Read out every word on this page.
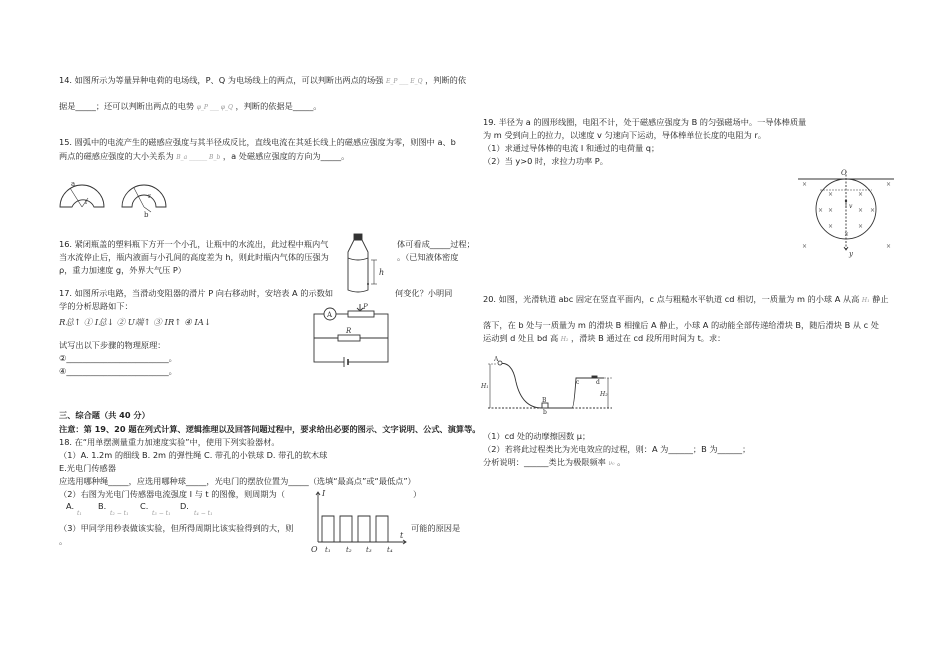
14. 如图所示为等量异种电荷的电场线，P、Q 为电场线上的两点，可以判断出两点的场强 E_P ___ E_Q ，判断的依
据是_____；还可以判断出两点的电势 φ_P ___ φ_Q ，判断的依据是_____。
15. 圆弧中的电流产生的磁感应强度与其半径成反比，直线电流在其延长线上的磁感应强度为零，则图中 a、b
两点的磁感应强度的大小关系为 B_a ______ B_b ，a 处磁感应强度的方向为_____。
a
r
b
r
16. 紧闭瓶盖的塑料瓶下方开一个小孔，让瓶中的水流出，此过程中瓶内气	体可看成_____过程；
当水流停止后，瓶内液面与小孔间的高度差为 h，则此时瓶内气体的压强为	。（已知液体密度
ρ，重力加速度 g，外界大气压 P）	h
17. 如图所示电路，当滑动变阻器的滑片 P 向右移动时，安培表 A 的示数如	何变化？小明同
学的分析思路如下：
R总↑ ① I总↓ ② U端↑ ③ IR↑ ④ IA↓
试写出以下步骤的物理原理：
②_________________________。
④_________________________。
A
P
R
三、综合题（共 40 分）
注意：第 19、20 题在列式计算、逻辑推理以及回答问题过程中，要求给出必要的图示、文字说明、公式、演算等。
18. 在“用单摆测量重力加速度实验”中，使用下列实验器材。
（1）A. 1.2m 的细线 B. 2m 的弹性绳 C. 带孔的小铁球 D. 带孔的软木球
E.光电门传感器
应选用哪种绳_____，应选用哪种球_____，光电门的摆放位置为_____（选填“最高点”或“最低点”）
（2）右图为光电门传感器电流强度 I 与 t 的图像，则周期为（	）
A.
t₁
B.
t₂ − t₁
C.
t₃ − t₁
D.
t₄ − t₁
（3）甲同学用秒表做该实验，但所得周期比该实验得到的大，则	可能的原因是
。
I
O
t
t₁ t₂ t₃ t₄
19. 半径为 a 的圆形线圈，电阻不计，处于磁感应强度为 B 的匀强磁场中。一导体棒质量
为 m 受到向上的拉力，以速度 v 匀速向下运动，导体棒单位长度的电阻为 r。
（1）求通过导体棒的电流 I 和通过的电荷量 q；
（2）当 y>0 时，求拉力功率 P。
O
y
v
×	×
×	×
×	×
×
×	×
×	×
×	×
20. 如图，光滑轨道 abc 固定在竖直平面内，c 点与粗糙水平轨道 cd 相切，一质量为 m 的小球 A 从高 H₁ 静止
落下，在 b 处与一质量为 m 的滑块 B 相撞后 A 静止，小球 A 的动能全部传递给滑块 B，随后滑块 B 从 c 处
运动到 d 处且 bd 高 H₂ ，滑块 B 通过在 cd 段所用时间为 t。求：
A
B
b
c	d
H₁
H₂
（1）cd 处的动摩擦因数 μ；
（2）若将此过程类比为光电效应的过程，则：A 为______；B 为______；
分析说明：______类比为极限频率 ν₀ 。
